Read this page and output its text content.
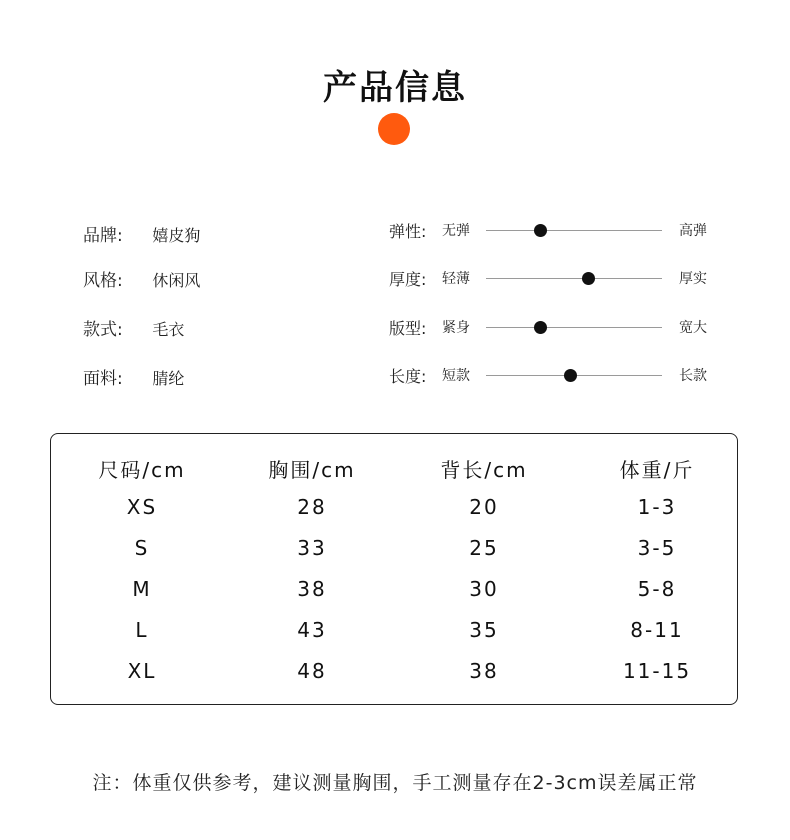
产品信息
品牌: 嬉皮狗
风格: 休闲风
款式: 毛衣
面料: 腈纶
弹性: 无弹	高弹
厚度: 轻薄	厚实
版型: 紧身	宽大
长度: 短款	长款
尺码/cm	胸围/cm	背长/cm	体重/斤
XS	28	20	1-3
S	33	25	3-5
M	38	30	5-8
L	43	35	8-11
XL	48	38	11-15
注：体重仅供参考，建议测量胸围，手工测量存在2-3cm误差属正常
